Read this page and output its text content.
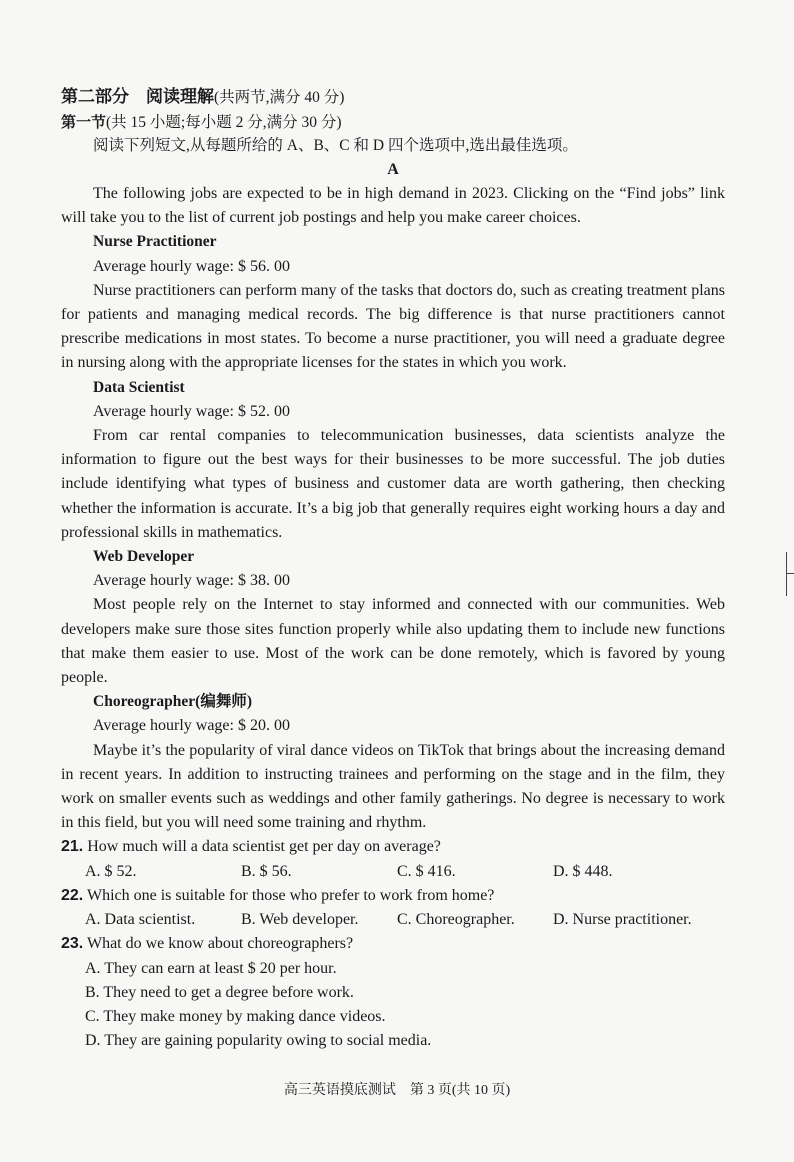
第二部分　阅读理解(共两节,满分 40 分)
第一节(共 15 小题;每小题 2 分,满分 30 分)
阅读下列短文,从每题所给的 A、B、C 和 D 四个选项中,选出最佳选项。
A

The following jobs are expected to be in high demand in 2023. Clicking on the “Find jobs” link will take you to the list of current job postings and help you make career choices.

Nurse Practitioner
Average hourly wage: $ 56. 00

Nurse practitioners can perform many of the tasks that doctors do, such as creating treatment plans for patients and managing medical records. The big difference is that nurse practitioners cannot prescribe medications in most states. To become a nurse practitioner, you will need a graduate degree in nursing along with the appropriate licenses for the states in which you work.

Data Scientist
Average hourly wage: $ 52. 00

From car rental companies to telecommunication businesses, data scientists analyze the information to figure out the best ways for their businesses to be more successful. The job duties include identifying what types of business and customer data are worth gathering, then checking whether the information is accurate. It’s a big job that generally requires eight working hours a day and professional skills in mathematics.

Web Developer
Average hourly wage: $ 38. 00

Most people rely on the Internet to stay informed and connected with our communities. Web developers make sure those sites function properly while also updating them to include new functions that make them easier to use. Most of the work can be done remotely, which is favored by young people.

Choreographer(编舞师)
Average hourly wage: $ 20. 00

Maybe it’s the popularity of viral dance videos on TikTok that brings about the increasing demand in recent years. In addition to instructing trainees and performing on the stage and in the film, they work on smaller events such as weddings and other family gatherings. No degree is necessary to work in this field, but you will need some training and rhythm.

21. How much will a data scientist get per day on average?
A. $ 52.	B. $ 56.	C. $ 416.	D. $ 448.
22. Which one is suitable for those who prefer to work from home?
A. Data scientist.	B. Web developer.	C. Choreographer.	D. Nurse practitioner.
23. What do we know about choreographers?
A. They can earn at least $ 20 per hour.
B. They need to get a degree before work.
C. They make money by making dance videos.
D. They are gaining popularity owing to social media.
高三英语摸底测试　第 3 页(共 10 页)
